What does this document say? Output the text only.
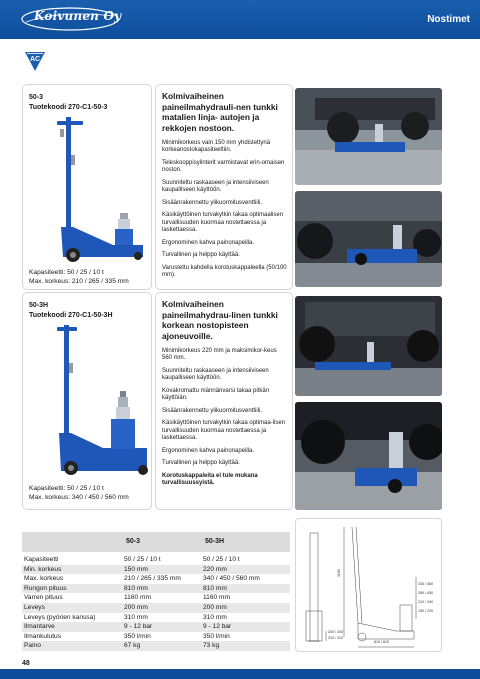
Koivunen Oy	Nostimet
AC
50-3
Tuotekoodi 270-C1-50-3
Kapasiteetti: 50 / 25 / 10 t
Max. korkeus: 210 / 265 / 335 mm
50-3H
Tuotekoodi 270-C1-50-3H
Kapasiteetti: 50 / 25 / 10 t
Max. korkeus: 340 / 450 / 560 mm
Kolmivaiheinen paineilmahydrauli-nen tunkki matalien linja- autojen ja rekkojen nostoon.

Minimikorkeus vain 150 mm yhdistettynä korkeanostokapasiteettiin.

Teleskooppisylinterit varmistavat erin-omaisen noston.

Suunniteltu raskaaseen ja intensiiviseen kaupalliseen käyttöön.

Sisäänrakennettu ylikuormitusventtiili.

Käsikäyttöinen turvakytkin takaa optimaalisen turvallisuuden kuormaa nostettaessa ja laskettaessa.

Ergonominen kahva painonapeilla.

Turvallinen ja helppo käyttää.

Varustettu kahdella korotuskappaleella (50/100 mm).

Kolmivaiheinen paineilmahydrau-linen tunkki korkean nostopisteen ajoneuvoille.

Minimikorkeus 220 mm ja maksimikor-keus 560 mm.

Suunniteltu raskaaseen ja intensiiviseen kaupalliseen käyttöön.

Kovakromattu männänvarsi takaa pitkän käyttöiän.

Sisäänrakennettu ylikuormitusventtiili.

Käsikäyttöinen turvakytkin takaa optimaa-lisen turvallisuuden kuormaa nostettaessa ja laskettaessa.

Ergonominen kahva painonapeilla.

Turvallinen ja helppo käyttää.

Korotuskappaleita ei tule mukana turvallisuussyistä.

50-3	50-3H
Kapasiteetti	50 / 25 / 10 t	50 / 25 / 10 t
Min. korkeus	150 mm	220 mm
Max. korkeus	210 / 265 / 335 mm	340 / 450 / 560 mm
Rungon pituus	810 mm	810 mm
Varren pituus	1160 mm	1160 mm
Leveys	200 mm	200 mm
Leveys (pyörien kanssa)	310 mm	310 mm
Ilmantarve	9 - 12 bar	9 - 12 bar
Ilmankulutus	350 l/min	350 l/min
Paino	67 kg	73 kg
1160
335 / 560
265 / 450
210 / 340
150 / 220
200 / 200
310 / 310
810 / 810
48
